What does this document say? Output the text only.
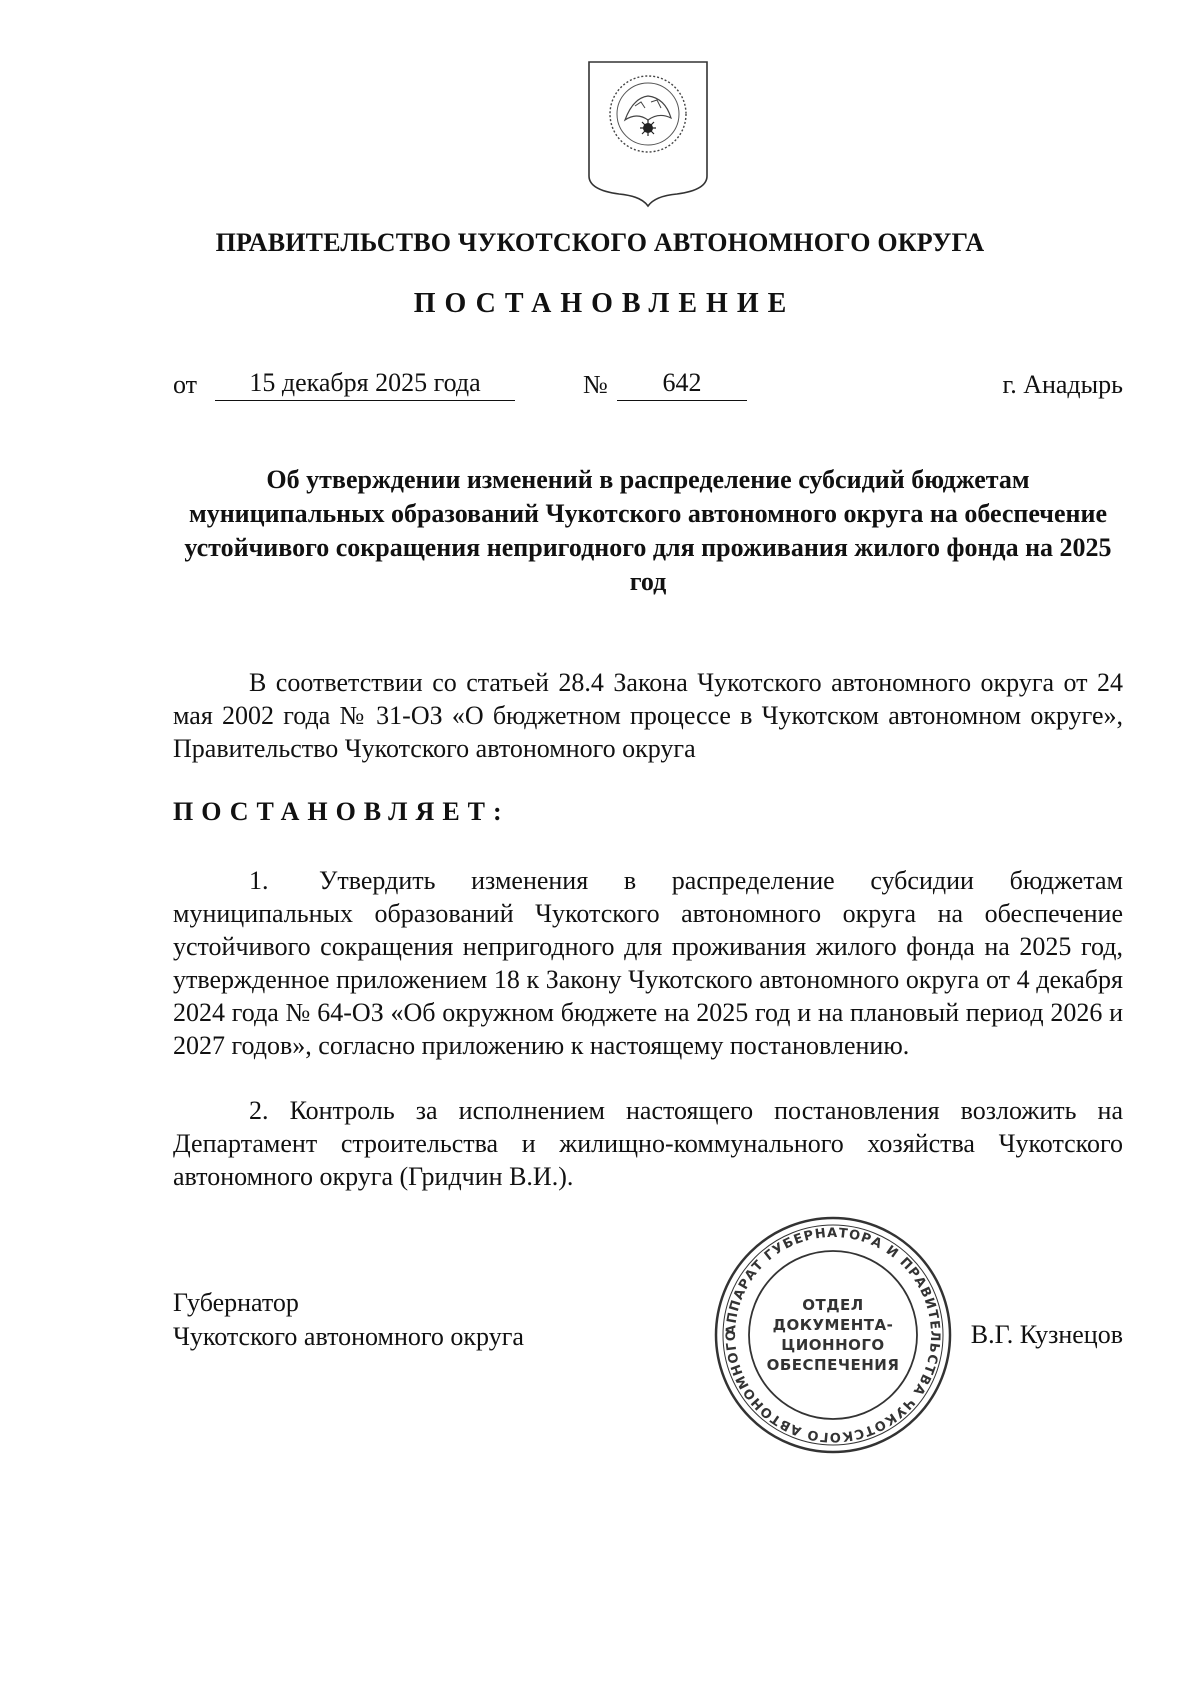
ПРАВИТЕЛЬСТВО ЧУКОТСКОГО АВТОНОМНОГО ОКРУГА
ПОСТАНОВЛЕНИЕ
от	15 декабря 2025 года	№	642	г. Анадырь
Об утверждении изменений в распределение субсидий бюджетам муниципальных образований Чукотского автономного округа на обеспечение устойчивого сокращения непригодного для проживания жилого фонда на 2025 год
В соответствии со статьей 28.4 Закона Чукотского автономного округа от 24 мая 2002 года № 31-ОЗ «О бюджетном процессе в Чукотском автономном округе», Правительство Чукотского автономного округа
ПОСТАНОВЛЯЕТ:
1. Утвердить изменения в распределение субсидии бюджетам муниципальных образований Чукотского автономного округа на обеспечение устойчивого сокращения непригодного для проживания жилого фонда на 2025 год, утвержденное приложением 18 к Закону Чукотского автономного округа от 4 декабря 2024 года № 64-ОЗ «Об окружном бюджете на 2025 год и на плановый период 2026 и 2027 годов», согласно приложению к настоящему постановлению.
2. Контроль за исполнением настоящего постановления возложить на Департамент строительства и жилищно-коммунального хозяйства Чукотского автономного округа (Гридчин В.И.).
Губернатор
Чукотского автономного округа	АППАРАТ ГУБЕРНАТОРА И ПРАВИТЕЛЬСТВА ЧУКОТСКОГО АВТОНОМНОГО
ОТДЕЛ
ДОКУМЕНТА-
ЦИОННОГО
ОБЕСПЕЧЕНИЯ
В.Г. Кузнецов
